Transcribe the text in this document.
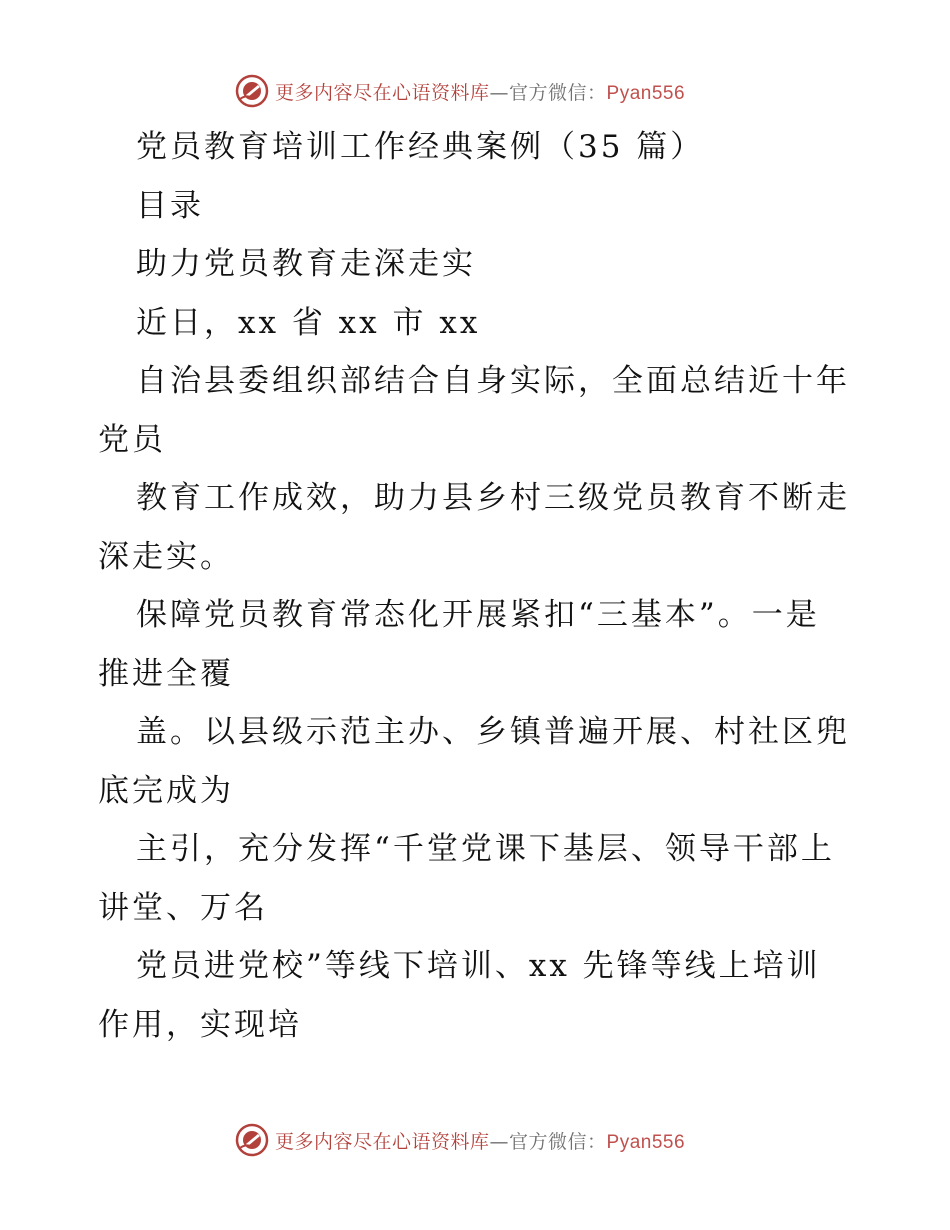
更多内容尽在心语资料库—官方微信：Pyan556
党员教育培训工作经典案例（35 篇）
目录
助力党员教育走深走实
近日，xx 省 xx 市 xx
自治县委组织部结合自身实际，全面总结近十年
党员
教育工作成效，助力县乡村三级党员教育不断走
深走实。
保障党员教育常态化开展紧扣“三基本”。一是
推进全覆
盖。以县级示范主办、乡镇普遍开展、村社区兜
底完成为
主引，充分发挥“千堂党课下基层、领导干部上
讲堂、万名
党员进党校”等线下培训、xx 先锋等线上培训
作用，实现培
更多内容尽在心语资料库—官方微信：Pyan556
